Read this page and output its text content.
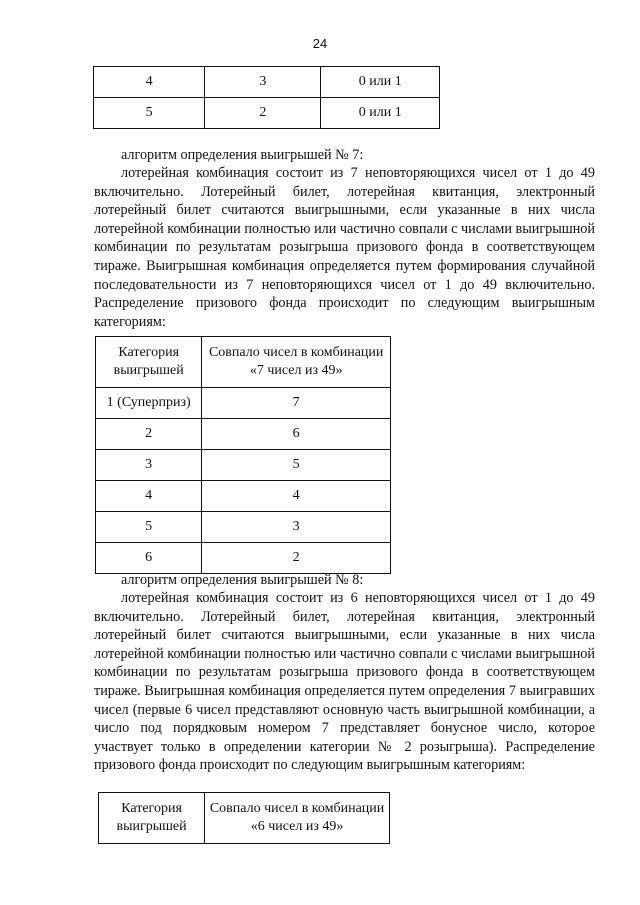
24
4	3	0 или 1
5	2	0 или 1
алгоритм определения выигрышей № 7:
лотерейная комбинация состоит из 7 неповторяющихся чисел от 1 до 49 включительно. Лотерейный билет, лотерейная квитанция, электронный лотерейный билет считаются выигрышными, если указанные в них числа лотерейной комбинации полностью или частично совпали с числами выигрышной комбинации по результатам розыгрыша призового фонда в соответствующем тираже. Выигрышная комбинация определяется путем формирования случайной последовательности из 7 неповторяющихся чисел от 1 до 49 включительно. Распределение призового фонда происходит по следующим выигрышным категориям:
Категория выигрышей	Совпало чисел в комбинации «7 чисел из 49»
1 (Суперприз)	7
2	6
3	5
4	4
5	3
6	2
алгоритм определения выигрышей № 8:
лотерейная комбинация состоит из 6 неповторяющихся чисел от 1 до 49 включительно. Лотерейный билет, лотерейная квитанция, электронный лотерейный билет считаются выигрышными, если указанные в них числа лотерейной комбинации полностью или частично совпали с числами выигрышной комбинации по результатам розыгрыша призового фонда в соответствующем тираже. Выигрышная комбинация определяется путем определения 7 выигравших чисел (первые 6 чисел представляют основную часть выигрышной комбинации, а число под порядковым номером 7 представляет бонусное число, которое участвует только в определении категории № 2 розыгрыша). Распределение призового фонда происходит по следующим выигрышным категориям:
Категория выигрышей	Совпало чисел в комбинации «6 чисел из 49»
